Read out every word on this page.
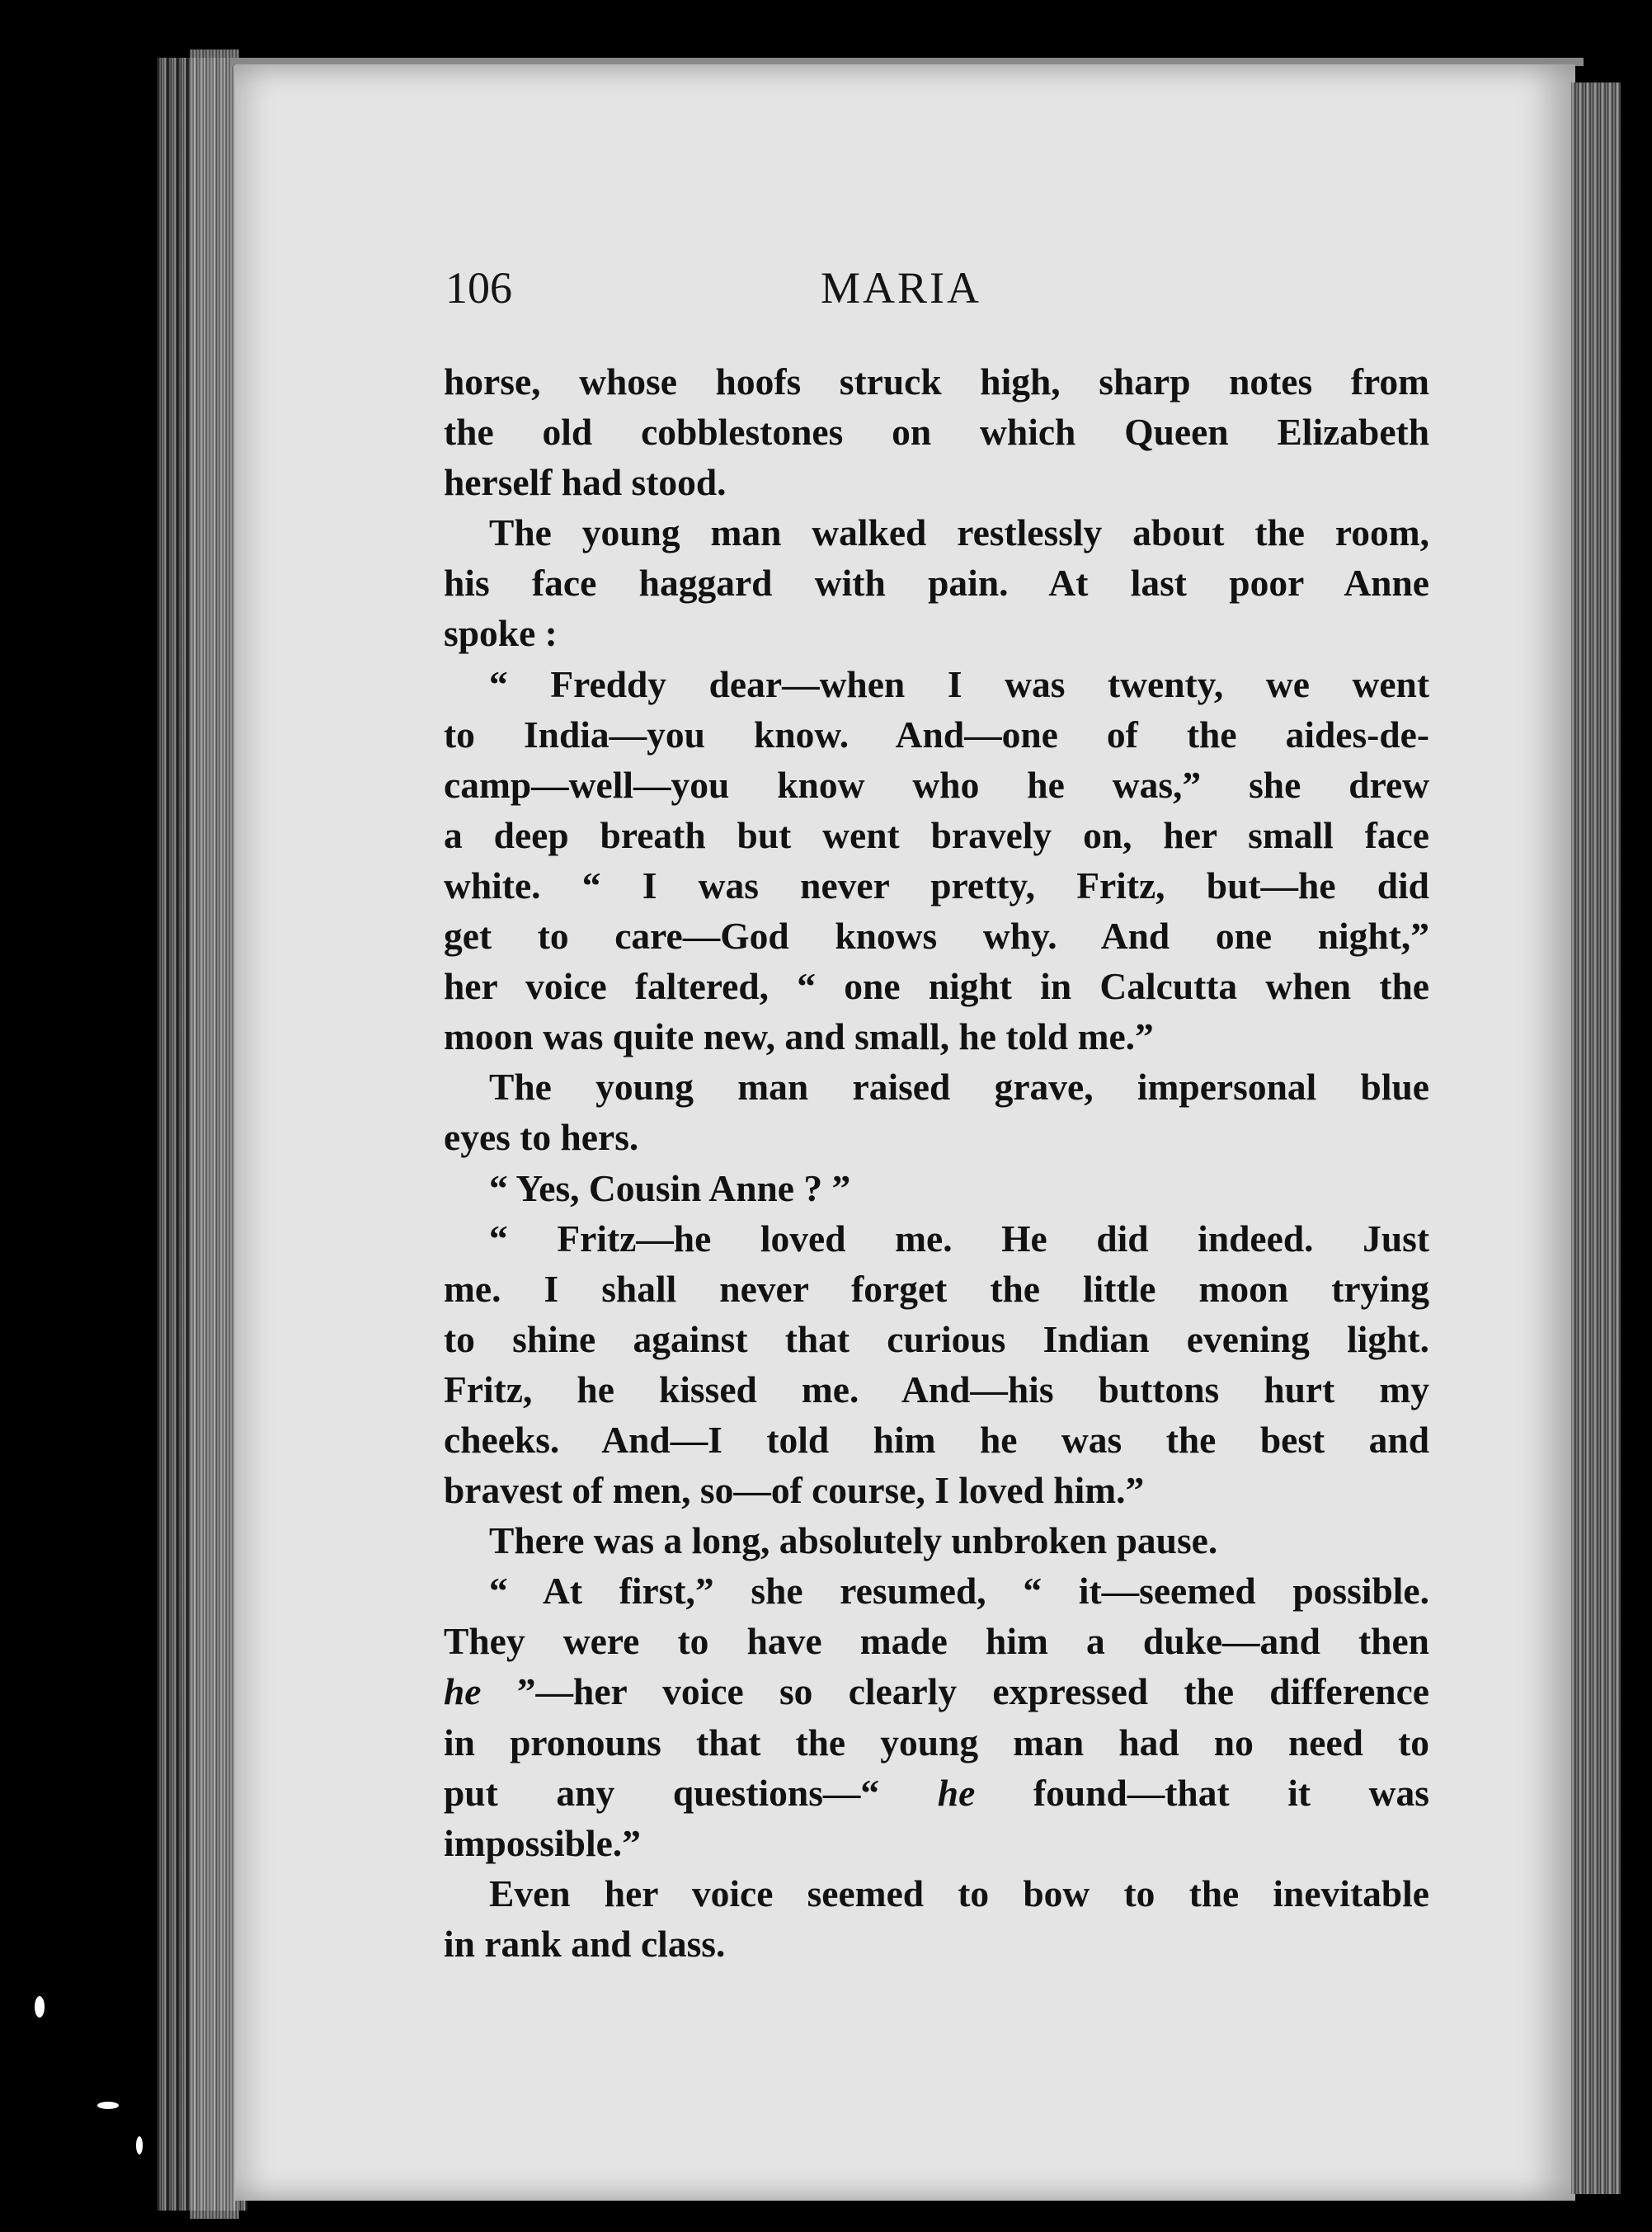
106	MARIA
horse, whose hoofs struck high, sharp notes from
the old cobblestones on which Queen Elizabeth
herself had stood.
The young man walked restlessly about the room,
his face haggard with pain. At last poor Anne
spoke :
“ Freddy dear—when I was twenty, we went
to India—you know. And—one of the aides-de-
camp—well—you know who he was,” she drew
a deep breath but went bravely on, her small face
white. “ I was never pretty, Fritz, but—he did
get to care—God knows why. And one night,”
her voice faltered, “ one night in Calcutta when the
moon was quite new, and small, he told me.”
The young man raised grave, impersonal blue
eyes to hers.
“ Yes, Cousin Anne ? ”
“ Fritz—he loved me. He did indeed. Just
me. I shall never forget the little moon trying
to shine against that curious Indian evening light.
Fritz, he kissed me. And—his buttons hurt my
cheeks. And—I told him he was the best and
bravest of men, so—of course, I loved him.”
There was a long, absolutely unbroken pause.
“ At first,” she resumed, “ it—seemed possible.
They were to have made him a duke—and then
he ”—her voice so clearly expressed the difference
in pronouns that the young man had no need to
put any questions—“ he found—that it was
impossible.”
Even her voice seemed to bow to the inevitable
in rank and class.
